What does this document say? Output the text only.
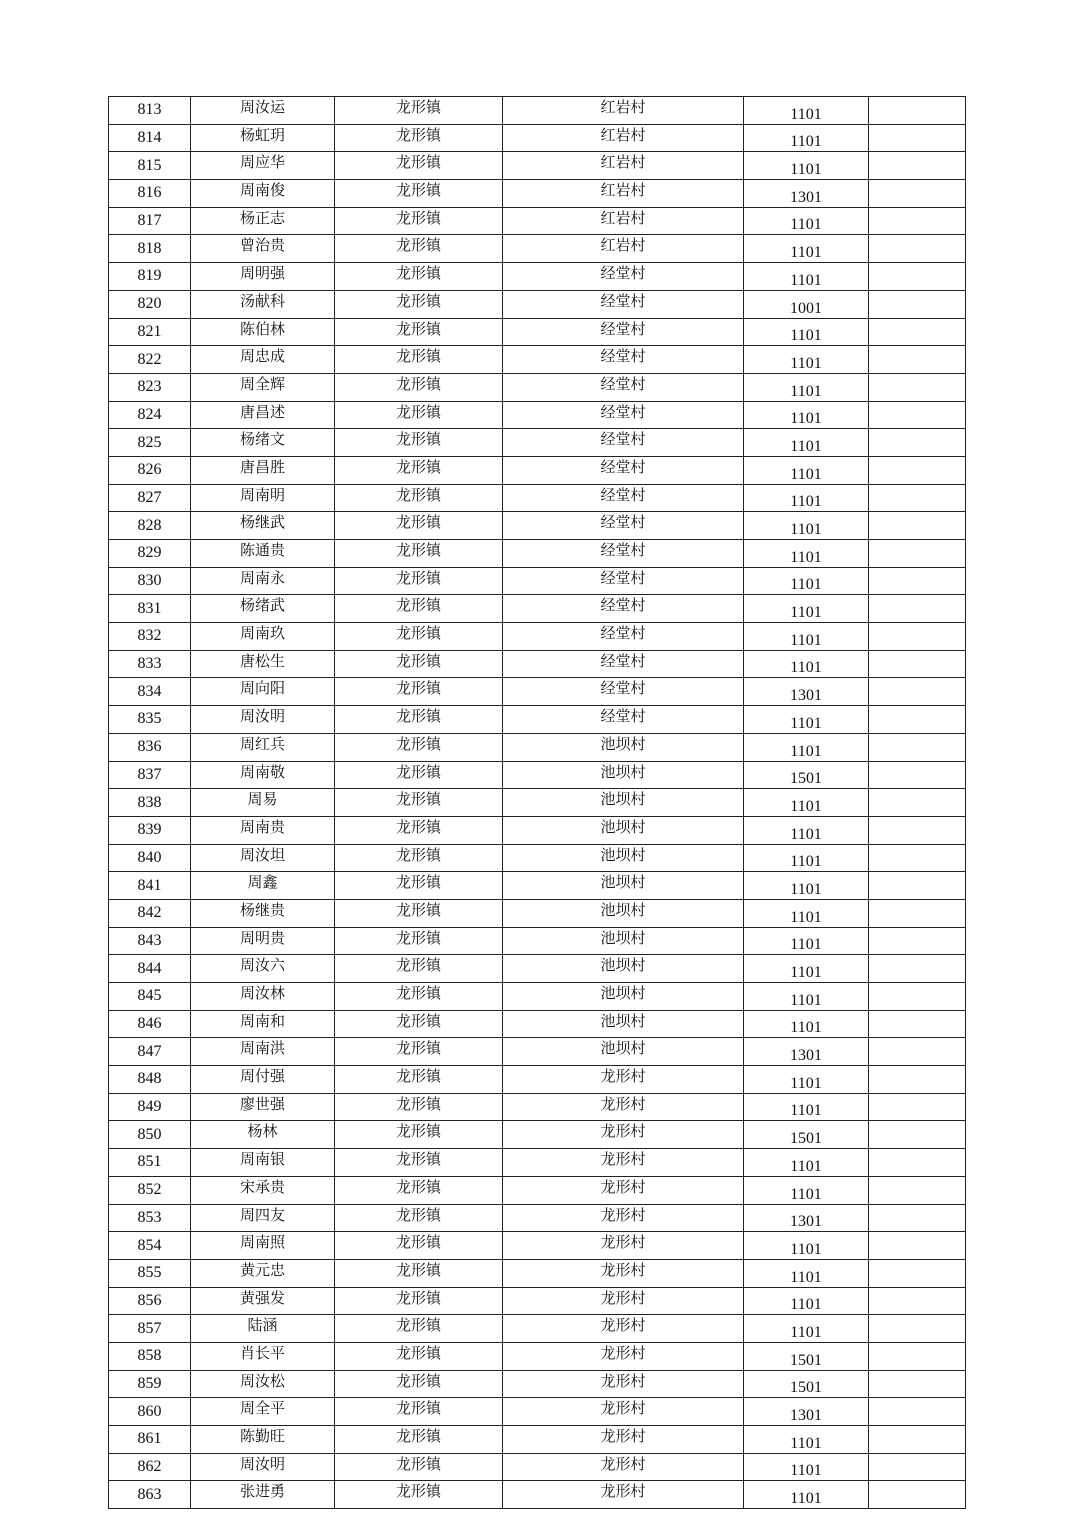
813	周汝运	龙形镇	红岩村	1101	
814	杨虹玥	龙形镇	红岩村	1101	
815	周应华	龙形镇	红岩村	1101	
816	周南俊	龙形镇	红岩村	1301	
817	杨正志	龙形镇	红岩村	1101	
818	曾治贵	龙形镇	红岩村	1101	
819	周明强	龙形镇	经堂村	1101	
820	汤献科	龙形镇	经堂村	1001	
821	陈伯林	龙形镇	经堂村	1101	
822	周忠成	龙形镇	经堂村	1101	
823	周全辉	龙形镇	经堂村	1101	
824	唐昌述	龙形镇	经堂村	1101	
825	杨绪文	龙形镇	经堂村	1101	
826	唐昌胜	龙形镇	经堂村	1101	
827	周南明	龙形镇	经堂村	1101	
828	杨继武	龙形镇	经堂村	1101	
829	陈通贵	龙形镇	经堂村	1101	
830	周南永	龙形镇	经堂村	1101	
831	杨绪武	龙形镇	经堂村	1101	
832	周南玖	龙形镇	经堂村	1101	
833	唐松生	龙形镇	经堂村	1101	
834	周向阳	龙形镇	经堂村	1301	
835	周汝明	龙形镇	经堂村	1101	
836	周红兵	龙形镇	池坝村	1101	
837	周南敬	龙形镇	池坝村	1501	
838	周易	龙形镇	池坝村	1101	
839	周南贵	龙形镇	池坝村	1101	
840	周汝坦	龙形镇	池坝村	1101	
841	周鑫	龙形镇	池坝村	1101	
842	杨继贵	龙形镇	池坝村	1101	
843	周明贵	龙形镇	池坝村	1101	
844	周汝六	龙形镇	池坝村	1101	
845	周汝林	龙形镇	池坝村	1101	
846	周南和	龙形镇	池坝村	1101	
847	周南洪	龙形镇	池坝村	1301	
848	周付强	龙形镇	龙形村	1101	
849	廖世强	龙形镇	龙形村	1101	
850	杨林	龙形镇	龙形村	1501	
851	周南银	龙形镇	龙形村	1101	
852	宋承贵	龙形镇	龙形村	1101	
853	周四友	龙形镇	龙形村	1301	
854	周南照	龙形镇	龙形村	1101	
855	黄元忠	龙形镇	龙形村	1101	
856	黄强发	龙形镇	龙形村	1101	
857	陆涵	龙形镇	龙形村	1101	
858	肖长平	龙形镇	龙形村	1501	
859	周汝松	龙形镇	龙形村	1501	
860	周全平	龙形镇	龙形村	1301	
861	陈勤旺	龙形镇	龙形村	1101	
862	周汝明	龙形镇	龙形村	1101	
863	张进勇	龙形镇	龙形村	1101	
